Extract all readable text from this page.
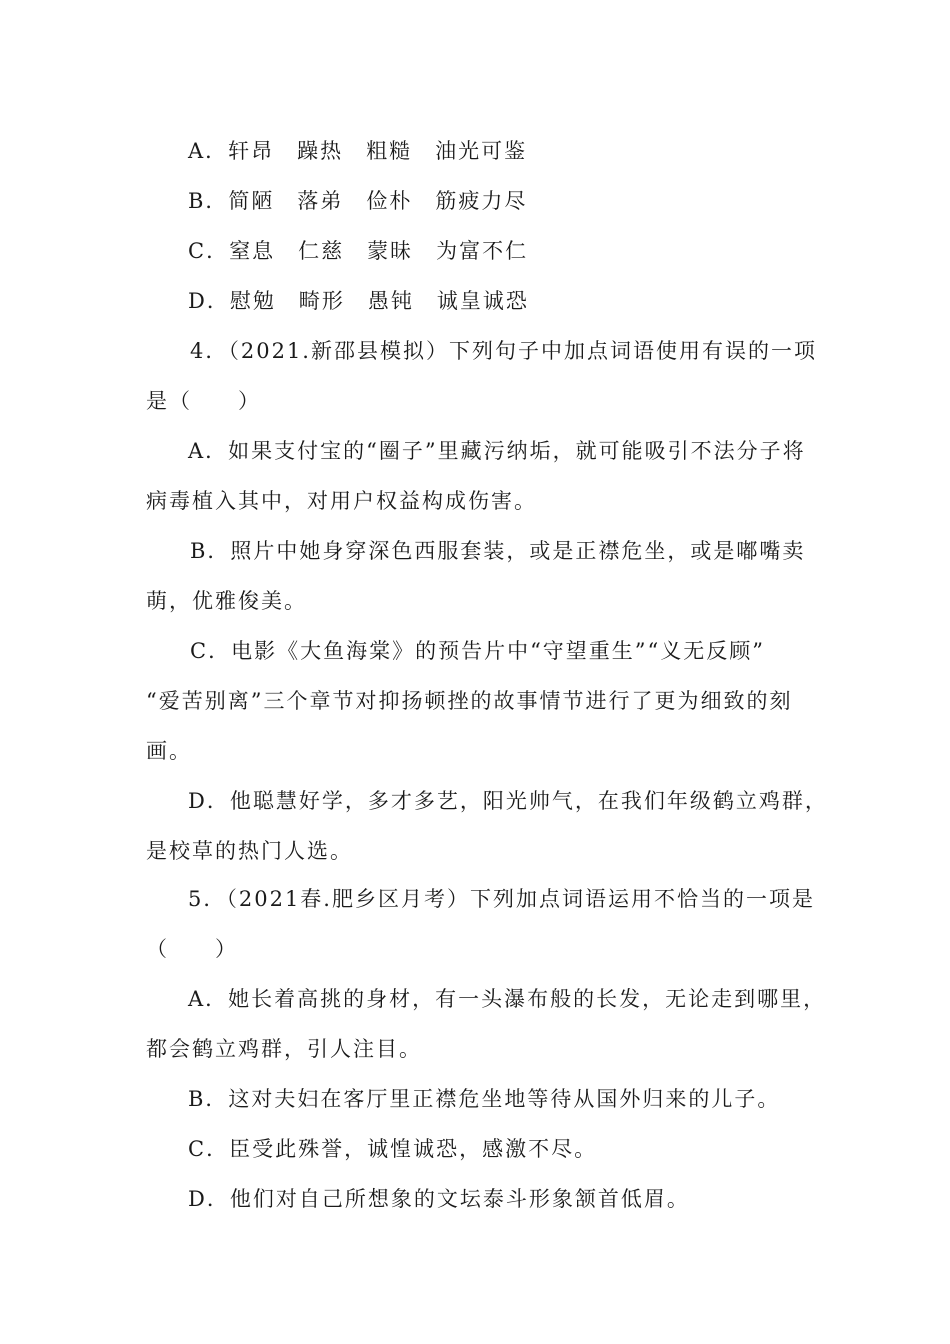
A．轩昂　躁热　粗糙　油光可鉴
B．简陋　落弟　俭朴　筋疲力尽
C．窒息　仁慈　蒙昧　为富不仁
D．慰勉　畸形　愚钝　诚皇诚恐
4．（2021.新邵县模拟）下列句子中加点词语使用有误的一项
是（　　）
A．如果支付宝的“圈子”里藏污纳垢，就可能吸引不法分子将
病毒植入其中，对用户权益构成伤害。
B．照片中她身穿深色西服套装，或是正襟危坐，或是嘟嘴卖
萌，优雅俊美。
C．电影《大鱼海棠》的预告片中“守望重生”“义无反顾”
“爱苦别离”三个章节对抑扬顿挫的故事情节进行了更为细致的刻
画。
D．他聪慧好学，多才多艺，阳光帅气，在我们年级鹤立鸡群，
是校草的热门人选。
5．（2021春.肥乡区月考）下列加点词语运用不恰当的一项是
（　　）
A．她长着高挑的身材，有一头瀑布般的长发，无论走到哪里，
都会鹤立鸡群，引人注目。
B．这对夫妇在客厅里正襟危坐地等待从国外归来的儿子。
C．臣受此殊誉，诚惶诚恐，感激不尽。
D．他们对自己所想象的文坛泰斗形象颔首低眉。
